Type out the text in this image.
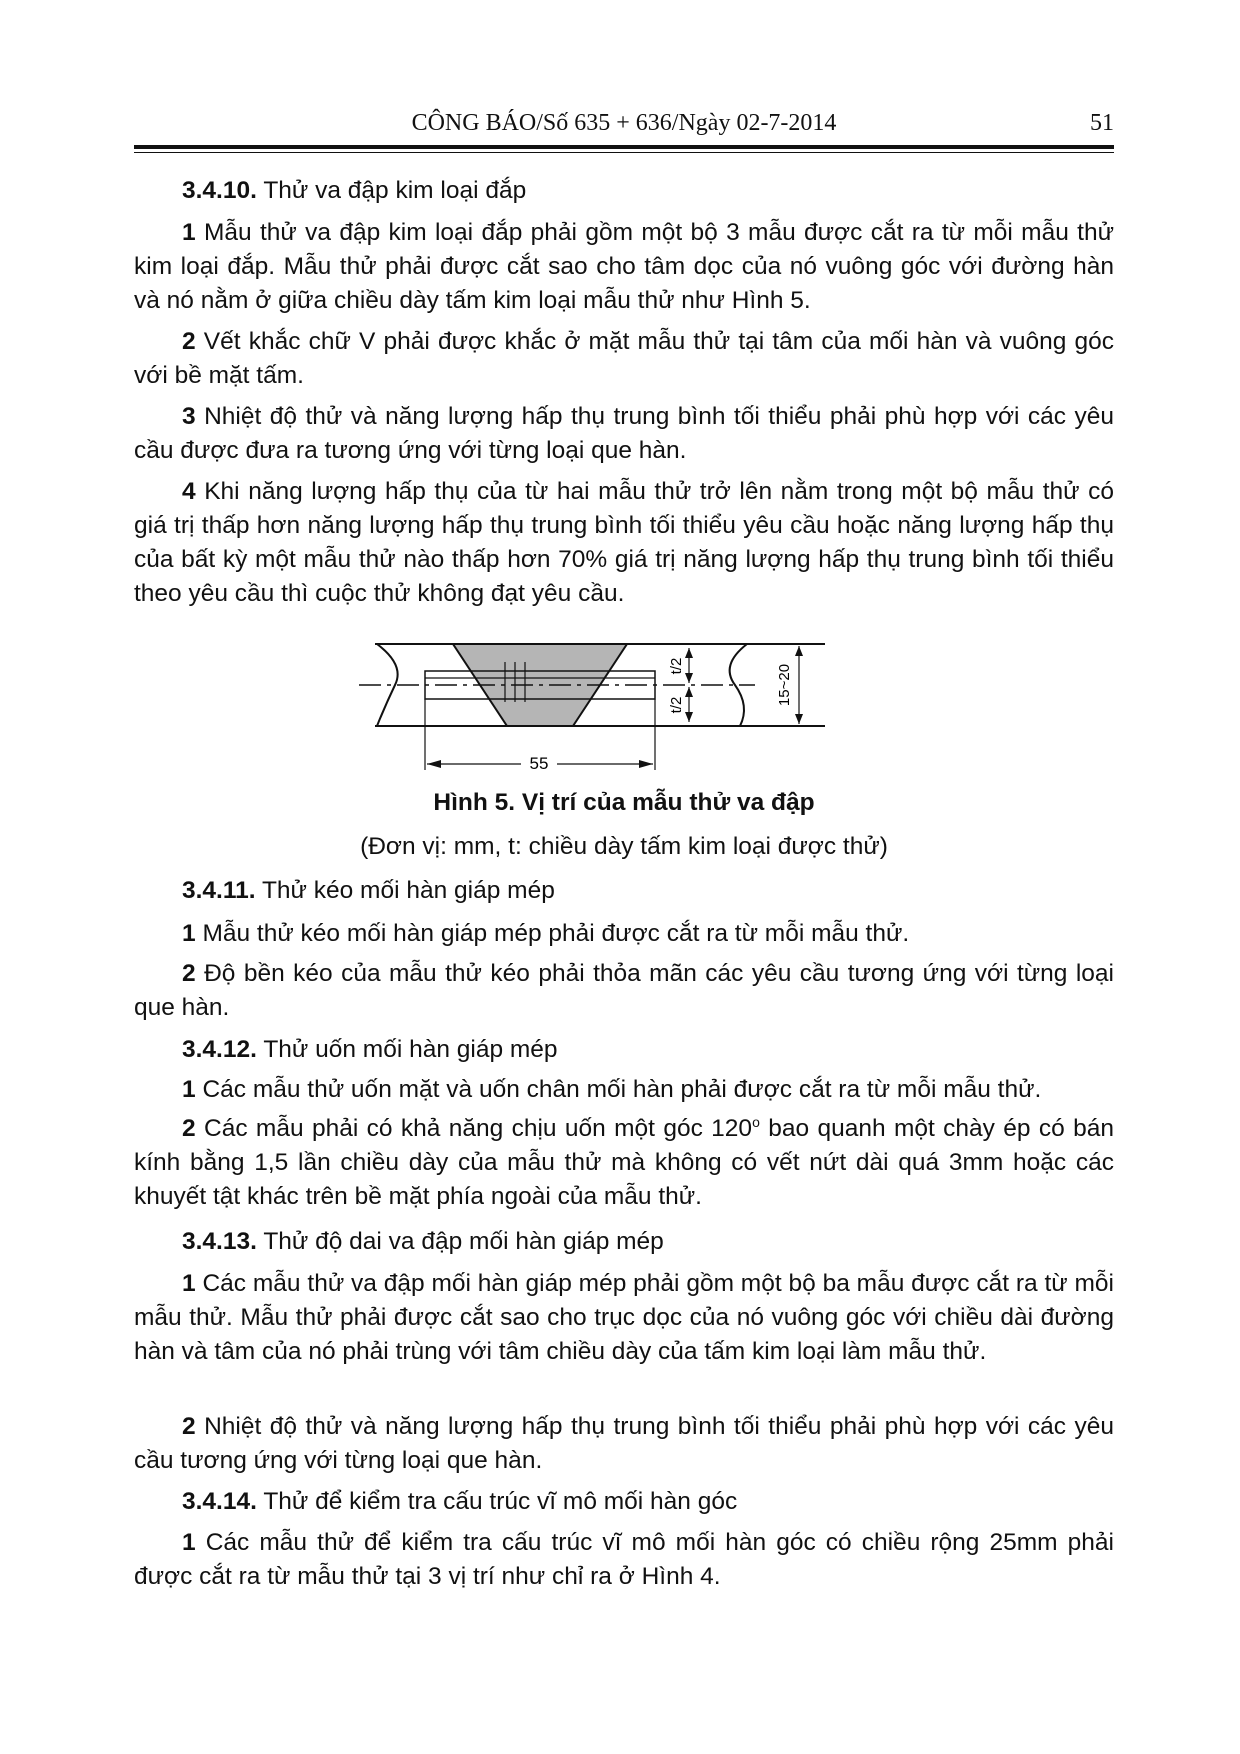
CÔNG BÁO/Số 635 + 636/Ngày 02-7-2014	51

3.4.10. Thử va đập kim loại đắp

1 Mẫu thử va đập kim loại đắp phải gồm một bộ 3 mẫu được cắt ra từ mỗi mẫu thử kim loại đắp. Mẫu thử phải được cắt sao cho tâm dọc của nó vuông góc với đường hàn và nó nằm ở giữa chiều dày tấm kim loại mẫu thử như Hình 5.

2 Vết khắc chữ V phải được khắc ở mặt mẫu thử tại tâm của mối hàn và vuông góc với bề mặt tấm.

3 Nhiệt độ thử và năng lượng hấp thụ trung bình tối thiểu phải phù hợp với các yêu cầu được đưa ra tương ứng với từng loại que hàn.

4 Khi năng lượng hấp thụ của từ hai mẫu thử trở lên nằm trong một bộ mẫu thử có giá trị thấp hơn năng lượng hấp thụ trung bình tối thiểu yêu cầu hoặc năng lượng hấp thụ của bất kỳ một mẫu thử nào thấp hơn 70% giá trị năng lượng hấp thụ trung bình tối thiểu theo yêu cầu thì cuộc thử không đạt yêu cầu.

55
t/2
t/2	15~20

Hình 5. Vị trí của mẫu thử va đập

(Đơn vị: mm, t: chiều dày tấm kim loại được thử)

3.4.11. Thử kéo mối hàn giáp mép

1 Mẫu thử kéo mối hàn giáp mép phải được cắt ra từ mỗi mẫu thử.

2 Độ bền kéo của mẫu thử kéo phải thỏa mãn các yêu cầu tương ứng với từng loại que hàn.

3.4.12. Thử uốn mối hàn giáp mép

1 Các mẫu thử uốn mặt và uốn chân mối hàn phải được cắt ra từ mỗi mẫu thử.

2 Các mẫu phải có khả năng chịu uốn một góc 120$^o$ bao quanh một chày ép có bán kính bằng 1,5 lần chiều dày của mẫu thử mà không có vết nứt dài quá 3mm hoặc các khuyết tật khác trên bề mặt phía ngoài của mẫu thử.

3.4.13. Thử độ dai va đập mối hàn giáp mép

1 Các mẫu thử va đập mối hàn giáp mép phải gồm một bộ ba mẫu được cắt ra từ mỗi mẫu thử. Mẫu thử phải được cắt sao cho trục dọc của nó vuông góc với chiều dài đường hàn và tâm của nó phải trùng với tâm chiều dày của tấm kim loại làm mẫu thử.

2 Nhiệt độ thử và năng lượng hấp thụ trung bình tối thiểu phải phù hợp với các yêu cầu tương ứng với từng loại que hàn.

3.4.14. Thử để kiểm tra cấu trúc vĩ mô mối hàn góc

1 Các mẫu thử để kiểm tra cấu trúc vĩ mô mối hàn góc có chiều rộng 25mm phải được cắt ra từ mẫu thử tại 3 vị trí như chỉ ra ở Hình 4.
